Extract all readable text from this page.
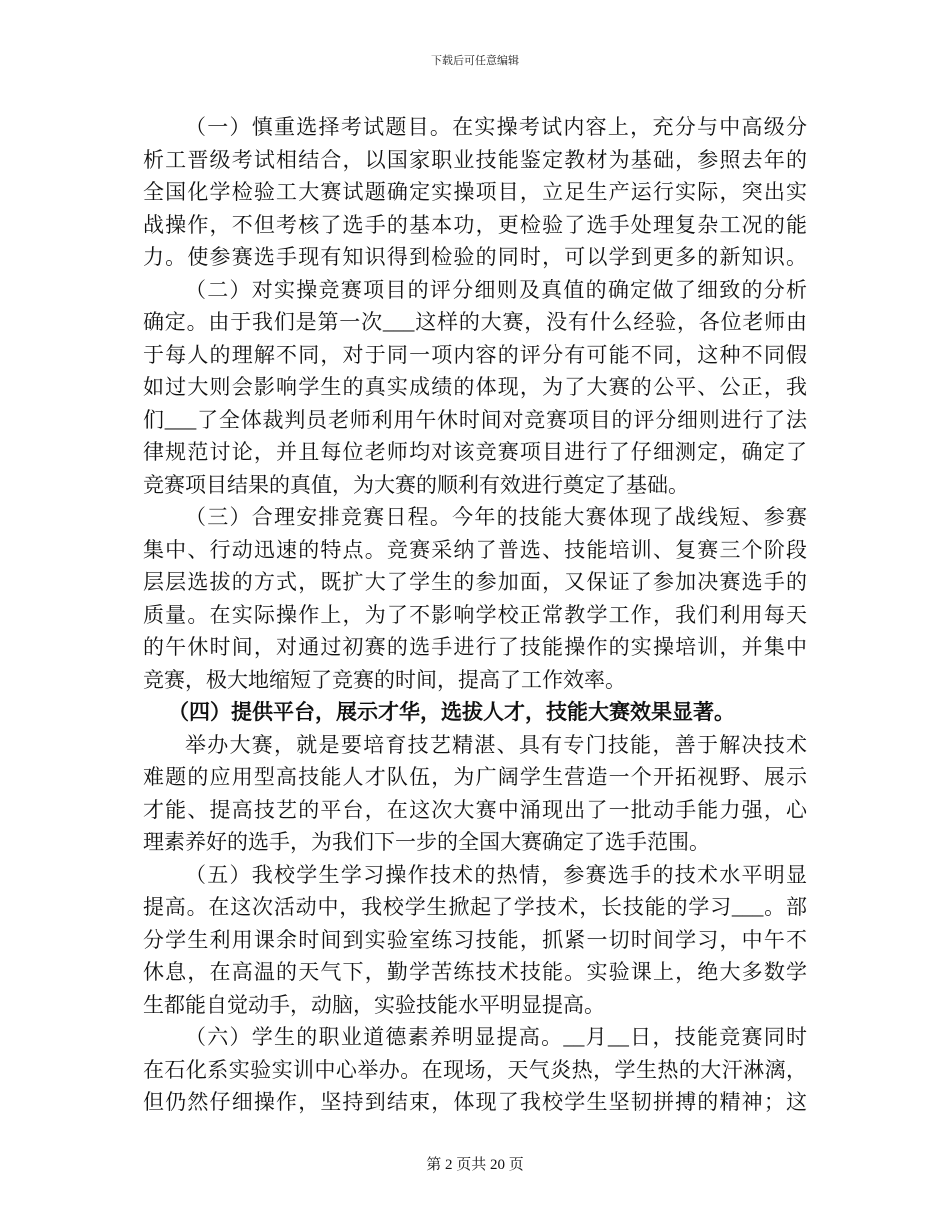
下载后可任意编辑
（一）慎重选择考试题目。在实操考试内容上，充分与中高级分
析工晋级考试相结合，以国家职业技能鉴定教材为基础，参照去年的
全国化学检验工大赛试题确定实操项目，立足生产运行实际，突出实
战操作，不但考核了选手的基本功，更检验了选手处理复杂工况的能
力。使参赛选手现有知识得到检验的同时，可以学到更多的新知识。
（二）对实操竞赛项目的评分细则及真值的确定做了细致的分析
确定。由于我们是第一次___这样的大赛，没有什么经验，各位老师由
于每人的理解不同，对于同一项内容的评分有可能不同，这种不同假
如过大则会影响学生的真实成绩的体现，为了大赛的公平、公正，我
们___了全体裁判员老师利用午休时间对竞赛项目的评分细则进行了法
律规范讨论，并且每位老师均对该竞赛项目进行了仔细测定，确定了
竞赛项目结果的真值，为大赛的顺利有效进行奠定了基础。
（三）合理安排竞赛日程。今年的技能大赛体现了战线短、参赛
集中、行动迅速的特点。竞赛采纳了普选、技能培训、复赛三个阶段
层层选拔的方式，既扩大了学生的参加面，又保证了参加决赛选手的
质量。在实际操作上，为了不影响学校正常教学工作，我们利用每天
的午休时间，对通过初赛的选手进行了技能操作的实操培训，并集中
竞赛，极大地缩短了竞赛的时间，提高了工作效率。
（四）提供平台，展示才华，选拔人才，技能大赛效果显著。
举办大赛，就是要培育技艺精湛、具有专门技能，善于解决技术
难题的应用型高技能人才队伍，为广阔学生营造一个开拓视野、展示
才能、提高技艺的平台，在这次大赛中涌现出了一批动手能力强，心
理素养好的选手，为我们下一步的全国大赛确定了选手范围。
（五）我校学生学习操作技术的热情，参赛选手的技术水平明显
提高。在这次活动中，我校学生掀起了学技术，长技能的学习___。部
分学生利用课余时间到实验室练习技能，抓紧一切时间学习，中午不
休息，在高温的天气下，勤学苦练技术技能。实验课上，绝大多数学
生都能自觉动手，动脑，实验技能水平明显提高。
（六）学生的职业道德素养明显提高。__月__日，技能竞赛同时
在石化系实验实训中心举办。在现场，天气炎热，学生热的大汗淋漓，
但仍然仔细操作，坚持到结束，体现了我校学生坚韧拼搏的精神；这
第 2 页共 20 页
